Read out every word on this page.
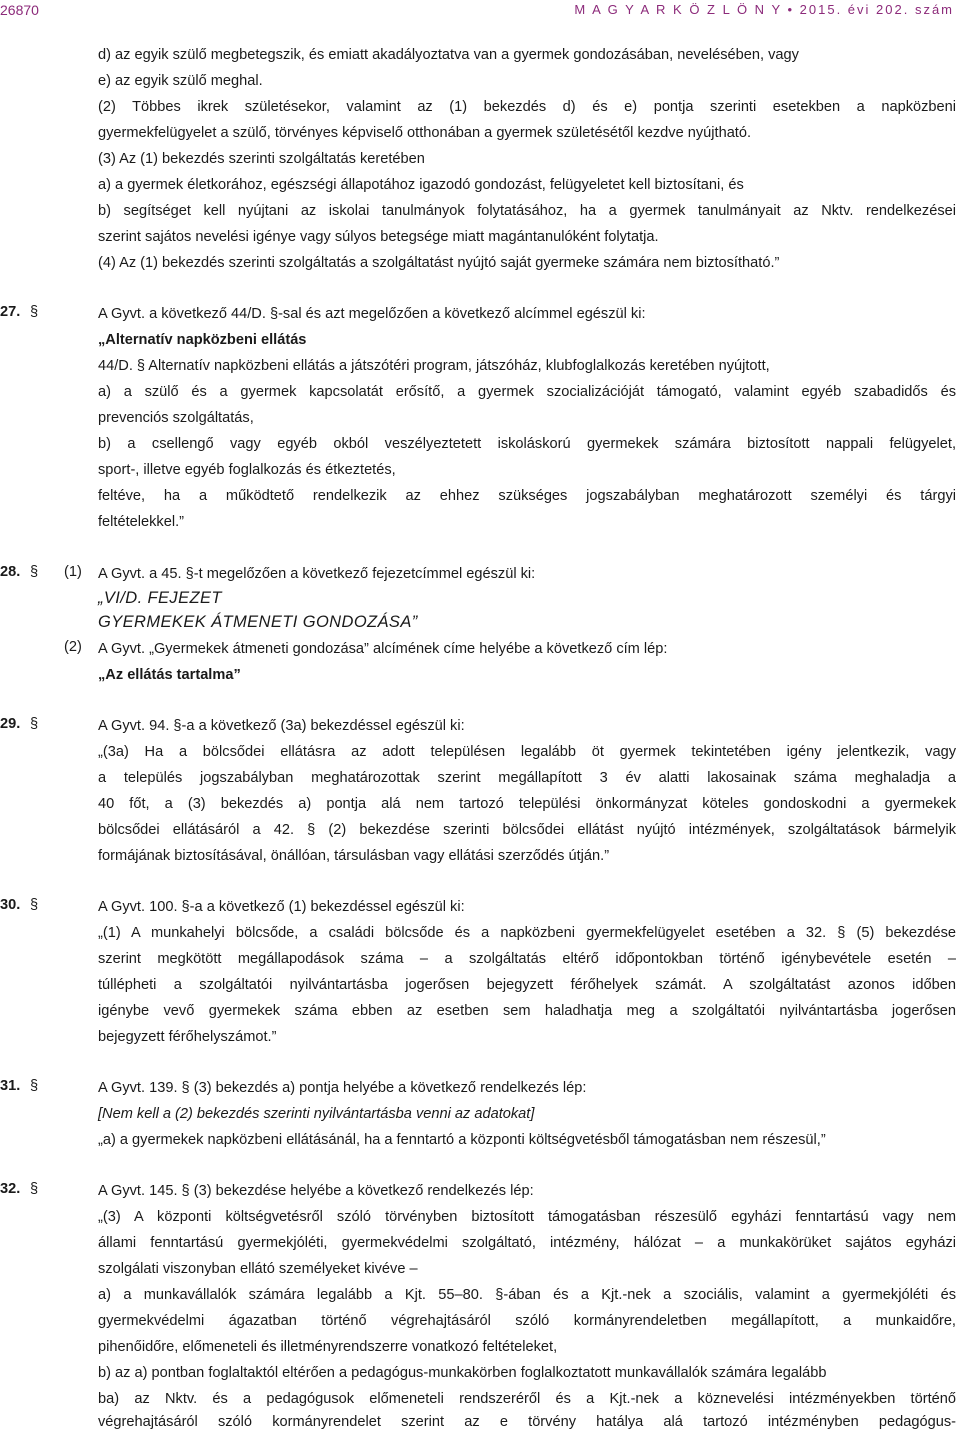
26870	M A G Y A R K Ö Z L Ö N Y • 2015. évi 202. szám
d) az egyik szülő megbetegszik, és emiatt akadályoztatva van a gyermek gondozásában, nevelésében, vagy
e) az egyik szülő meghal.
(2) Többes ikrek születésekor, valamint az (1) bekezdés d) és e) pontja szerinti esetekben a napközbeni
gyermekfelügyelet a szülő, törvényes képviselő otthonában a gyermek születésétől kezdve nyújtható.
(3) Az (1) bekezdés szerinti szolgáltatás keretében
a) a gyermek életkorához, egészségi állapotához igazodó gondozást, felügyeletet kell biztosítani, és
b) segítséget kell nyújtani az iskolai tanulmányok folytatásához, ha a gyermek tanulmányait az Nktv. rendelkezései
szerint sajátos nevelési igénye vagy súlyos betegsége miatt magántanulóként folytatja.
(4) Az (1) bekezdés szerinti szolgáltatás a szolgáltatást nyújtó saját gyermeke számára nem biztosítható.”
27. §	A Gyvt. a következő 44/D. §-sal és azt megelőzően a következő alcímmel egészül ki:
„Alternatív napközbeni ellátás
44/D. § Alternatív napközbeni ellátás a játszótéri program, játszóház, klubfoglalkozás keretében nyújtott,
a) a szülő és a gyermek kapcsolatát erősítő, a gyermek szocializációját támogató, valamint egyéb szabadidős és
prevenciós szolgáltatás,
b) a csellengő vagy egyéb okból veszélyeztetett iskoláskorú gyermekek számára biztosított nappali felügyelet,
sport-, illetve egyéb foglalkozás és étkeztetés,
feltéve, ha a működtető rendelkezik az ehhez szükséges jogszabályban meghatározott személyi és tárgyi
feltételekkel.”
28. § (1) A Gyvt. a 45. §-t megelőzően a következő fejezetcímmel egészül ki:
„VI/D. FEJEZET
GYERMEKEK ÁTMENETI GONDOZÁSA”
(2) A Gyvt. „Gyermekek átmeneti gondozása” alcímének címe helyébe a következő cím lép:
„Az ellátás tartalma”
29. §	A Gyvt. 94. §-a a következő (3a) bekezdéssel egészül ki:
„(3a) Ha a bölcsődei ellátásra az adott településen legalább öt gyermek tekintetében igény jelentkezik, vagy
a település jogszabályban meghatározottak szerint megállapított 3 év alatti lakosainak száma meghaladja a
40 főt, a (3) bekezdés a) pontja alá nem tartozó települési önkormányzat köteles gondoskodni a gyermekek
bölcsődei ellátásáról a 42. § (2) bekezdése szerinti bölcsődei ellátást nyújtó intézmények, szolgáltatások bármelyik
formájának biztosításával, önállóan, társulásban vagy ellátási szerződés útján.”
30. §	A Gyvt. 100. §-a a következő (1) bekezdéssel egészül ki:
„(1) A munkahelyi bölcsőde, a családi bölcsőde és a napközbeni gyermekfelügyelet esetében a 32. § (5) bekezdése
szerint megkötött megállapodások száma – a szolgáltatás eltérő időpontokban történő igénybevétele esetén –
túllépheti a szolgáltatói nyilvántartásba jogerősen bejegyzett férőhelyek számát. A szolgáltatást azonos időben
igénybe vevő gyermekek száma ebben az esetben sem haladhatja meg a szolgáltatói nyilvántartásba jogerősen
bejegyzett férőhelyszámot.”
31. §	A Gyvt. 139. § (3) bekezdés a) pontja helyébe a következő rendelkezés lép:
[Nem kell a (2) bekezdés szerinti nyilvántartásba venni az adatokat]
„a) a gyermekek napközbeni ellátásánál, ha a fenntartó a központi költségvetésből támogatásban nem részesül,”
32. §	A Gyvt. 145. § (3) bekezdése helyébe a következő rendelkezés lép:
„(3) A központi költségvetésről szóló törvényben biztosított támogatásban részesülő egyházi fenntartású vagy nem
állami fenntartású gyermekjóléti, gyermekvédelmi szolgáltató, intézmény, hálózat – a munkakörüket sajátos egyházi
szolgálati viszonyban ellátó személyeket kivéve –
a) a munkavállalók számára legalább a Kjt. 55–80. §-ában és a Kjt.-nek a szociális, valamint a gyermekjóléti és
gyermekvédelmi ágazatban történő végrehajtásáról szóló kormányrendeletben megállapított, a munkaidőre,
pihenőidőre, előmeneteli és illetményrendszerre vonatkozó feltételeket,
b) az a) pontban foglaltaktól eltérően a pedagógus-munkakörben foglalkoztatott munkavállalók számára legalább
ba) az Nktv. és a pedagógusok előmeneteli rendszeréről és a Kjt.-nek a köznevelési intézményekben történő
végrehajtásáról szóló kormányrendelet szerint az e törvény hatálya alá tartozó intézményben pedagógus-
